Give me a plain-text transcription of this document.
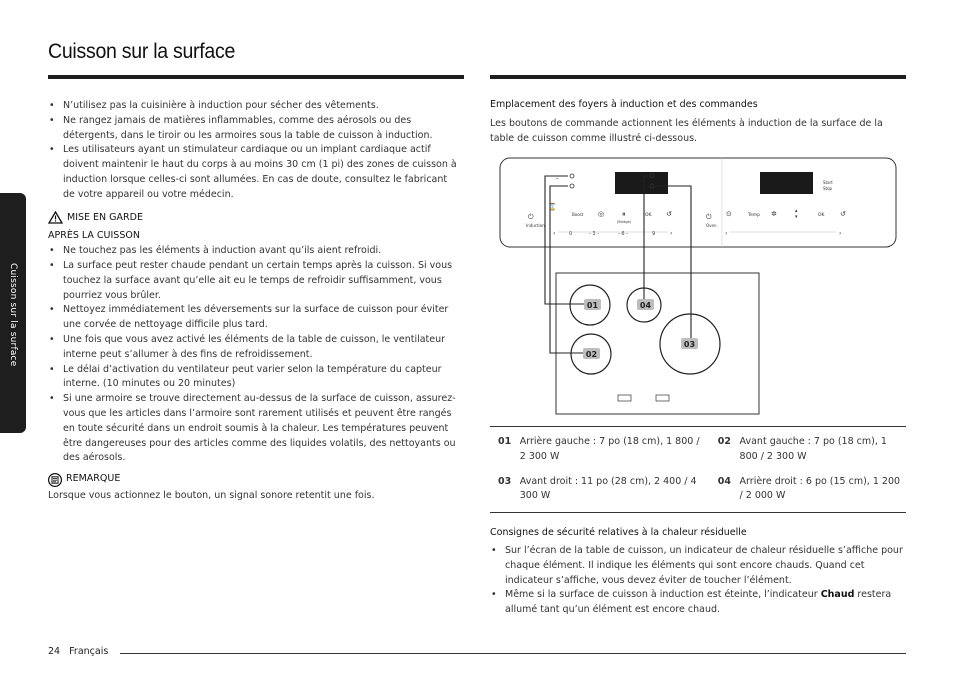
Cuisson sur la surface
Cuisson sur la surface

• N’utilisez pas la cuisinière à induction pour sécher des vêtements.

• Ne rangez jamais de matières inflammables, comme des aérosols ou des détergents, dans le tiroir ou les armoires sous la table de cuisson à induction.

• Les utilisateurs ayant un stimulateur cardiaque ou un implant cardiaque actif doivent maintenir le haut du corps à au moins 30 cm (1 pi) des zones de cuisson à induction lorsque celles-ci sont allumées. En cas de doute, consultez le fabricant de votre appareil ou votre médecin.

MISE EN GARDE
APRÈS LA CUISSON

• Ne touchez pas les éléments à induction avant qu’ils aient refroidi.

• La surface peut rester chaude pendant un certain temps après la cuisson. Si vous touchez la surface avant qu’elle ait eu le temps de refroidir suffisamment, vous pourriez vous brûler.

• Nettoyez immédiatement les déversements sur la surface de cuisson pour éviter une corvée de nettoyage difficile plus tard.

• Une fois que vous avez activé les éléments de la table de cuisson, le ventilateur interne peut s’allumer à des fins de refroidissement.

• Le délai d’activation du ventilateur peut varier selon la température du capteur interne. (10 minutes ou 20 minutes)

• Si une armoire se trouve directement au-dessus de la surface de cuisson, assurez-vous que les articles dans l’armoire sont rarement utilisés et peuvent être rangés en toute sécurité dans un endroit soumis à la chaleur. Les températures peuvent être dangereuses pour des articles comme des liquides volatils, des nettoyants ou des aérosols.

REMARQUE
Lorsque vous actionnez le bouton, un signal sonore retentit une fois.
Emplacement des foyers à induction et des commandes
Les boutons de commande actionnent les éléments à induction de la surface de la table de cuisson comme illustré ci-dessous.
⌁
⏻
Induction
⌛
Boost ◎	⏸
(Bridge)
OK ↺
‹	0	- 3 -	- 6 -	9 ›
⏻
Oven
⊙	Temp ✲	▴
▾	OK ↺
Start
Stop
‹	›
01	04
03
02
01	Arrière gauche : 7 po (18 cm), 1 800 / 2 300 W	02	Avant gauche : 7 po (18 cm), 1 800 / 2 300 W
03	Avant droit : 11 po (28 cm), 2 400 / 4 300 W	04	Arrière droit : 6 po (15 cm), 1 200 / 2 000 W
Consignes de sécurité relatives à la chaleur résiduelle

• Sur l’écran de la table de cuisson, un indicateur de chaleur résiduelle s’affiche pour chaque élément. Il indique les éléments qui sont encore chauds. Quand cet indicateur s’affiche, vous devez éviter de toucher l’élément.

• Même si la surface de cuisson à induction est éteinte, l’indicateur Chaud restera allumé tant qu’un élément est encore chaud.

24 Français
